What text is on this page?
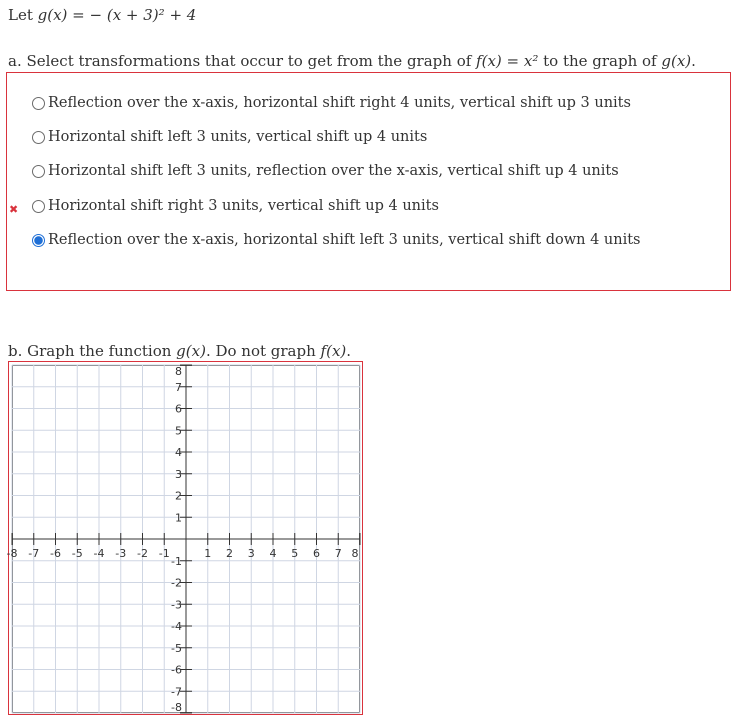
Let g(x) = − (x + 3)² + 4
a. Select transformations that occur to get from the graph of f(x) = x² to the graph of g(x).
Reflection over the x-axis, horizontal shift right 4 units, vertical shift up 3 units
Horizontal shift left 3 units, vertical shift up 4 units
Horizontal shift left 3 units, reflection over the x-axis, vertical shift up 4 units
Horizontal shift right 3 units, vertical shift up 4 units
Reflection over the x-axis, horizontal shift left 3 units, vertical shift down 4 units
✖
b. Graph the function g(x). Do not graph f(x).
-8 -7 -6 -5 -4 -3 -2 -1	1 2 3 4 5 6 7 8
8
7
6
5
4
3
2
1
-1
-2
-3
-4
-5
-6
-7
-8
